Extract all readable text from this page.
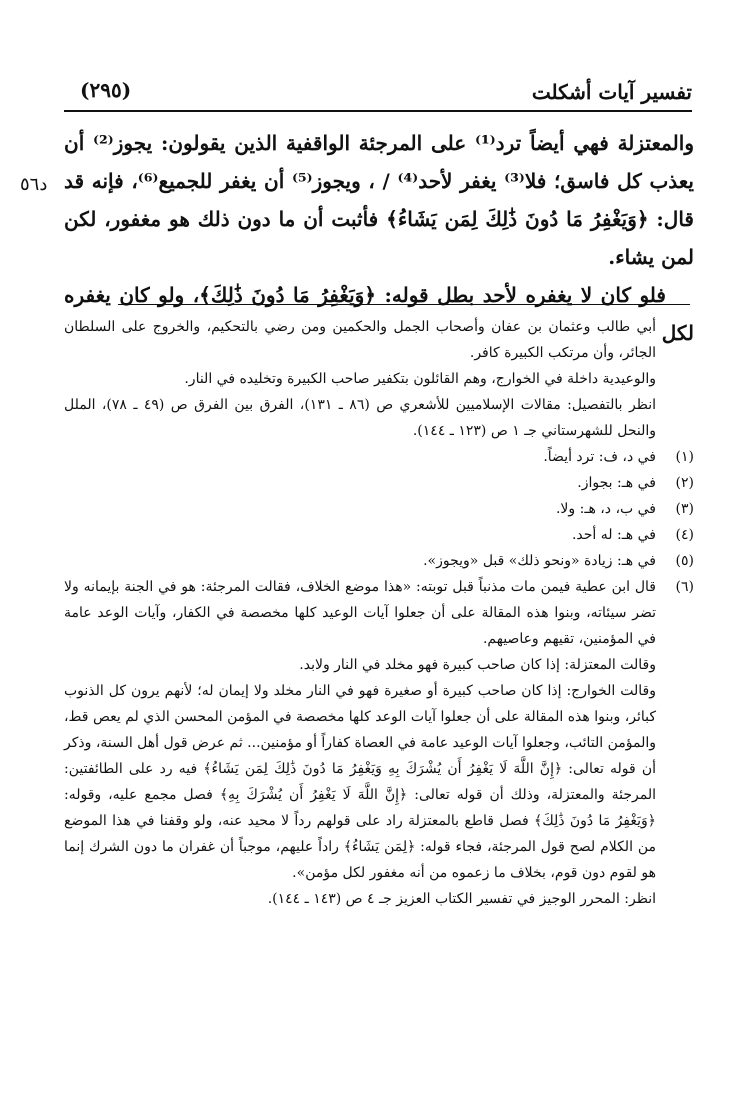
تفسير آيات أشكلت
(٢٩٥)
د٥٦

والمعتزلة فهي أيضاً ترد⁽¹⁾ على المرجئة الواقفية الذين يقولون: يجوز⁽²⁾ أن يعذب كل فاسق؛ فلا⁽³⁾ يغفر لأحد⁽⁴⁾ / ، ويجوز⁽⁵⁾ أن يغفر للجميع⁽⁶⁾، فإنه قد قال: ﴿وَيَغْفِرُ مَا دُونَ ذَٰلِكَ لِمَن يَشَاءُ﴾ فأثبت أن ما دون ذلك هو مغفور، لكن لمن يشاء.

فلو كان لا يغفره لأحد بطل قوله: ﴿وَيَغْفِرُ مَا دُونَ ذَٰلِكَ﴾، ولو كان يغفره لكل

أبي طالب وعثمان بن عفان وأصحاب الجمل والحكمين ومن رضي بالتحكيم، والخروج على السلطان الجائر، وأن مرتكب الكبيرة كافر.

والوعيدية داخلة في الخوارج، وهم القائلون بتكفير صاحب الكبيرة وتخليده في النار.

انظر بالتفصيل: مقالات الإسلاميين للأشعري ص (٨٦ ـ ١٣١)، الفرق بين الفرق ص (٤٩ ـ ٧٨)، الملل والنحل للشهرستاني جـ ١ ص (١٢٣ ـ ١٤٤).

(١)
في د، ف: ترد أيضاً.
(٢)
في هـ: بجواز.
(٣)
في ب، د، هـ: ولا.
(٤)
في هـ: له أحد.
(٥)
في هـ: زيادة «ونحو ذلك» قبل «ويجوز».
(٦)
قال ابن عطية فيمن مات مذنباً قبل توبته: «هذا موضع الخلاف، فقالت المرجئة: هو في الجنة بإيمانه ولا تضر سيئاته، وبنوا هذه المقالة على أن جعلوا آيات الوعيد كلها مخصصة في الكفار، وآيات الوعد عامة في المؤمنين، تقيهم وعاصيهم.

وقالت المعتزلة: إذا كان صاحب كبيرة فهو مخلد في النار ولابد.

وقالت الخوارج: إذا كان صاحب كبيرة أو صغيرة فهو في النار مخلد ولا إيمان له؛ لأنهم يرون كل الذنوب كبائر، وبنوا هذه المقالة على أن جعلوا آيات الوعد كلها مخصصة في المؤمن المحسن الذي لم يعص قط، والمؤمن التائب، وجعلوا آيات الوعيد عامة في العصاة كفاراً أو مؤمنين... ثم عرض قول أهل السنة، وذكر أن قوله تعالى: ﴿إِنَّ اللَّهَ لَا يَغْفِرُ أَن يُشْرَكَ بِهِ وَيَغْفِرُ مَا دُونَ ذَٰلِكَ لِمَن يَشَاءُ﴾ فيه رد على الطائفتين: المرجئة والمعتزلة، وذلك أن قوله تعالى: ﴿إِنَّ اللَّهَ لَا يَغْفِرُ أَن يُشْرَكَ بِهِ﴾ فصل مجمع عليه، وقوله: ﴿وَيَغْفِرُ مَا دُونَ ذَٰلِكَ﴾ فصل قاطع بالمعتزلة راد على قولهم رداً لا محيد عنه، ولو وقفنا في هذا الموضع من الكلام لصح قول المرجئة، فجاء قوله: ﴿لِمَن يَشَاءُ﴾ راداً عليهم، موجباً أن غفران ما دون الشرك إنما هو لقوم دون قوم، بخلاف ما زعموه من أنه مغفور لكل مؤمن».

انظر: المحرر الوجيز في تفسير الكتاب العزيز جـ ٤ ص (١٤٣ ـ ١٤٤).
